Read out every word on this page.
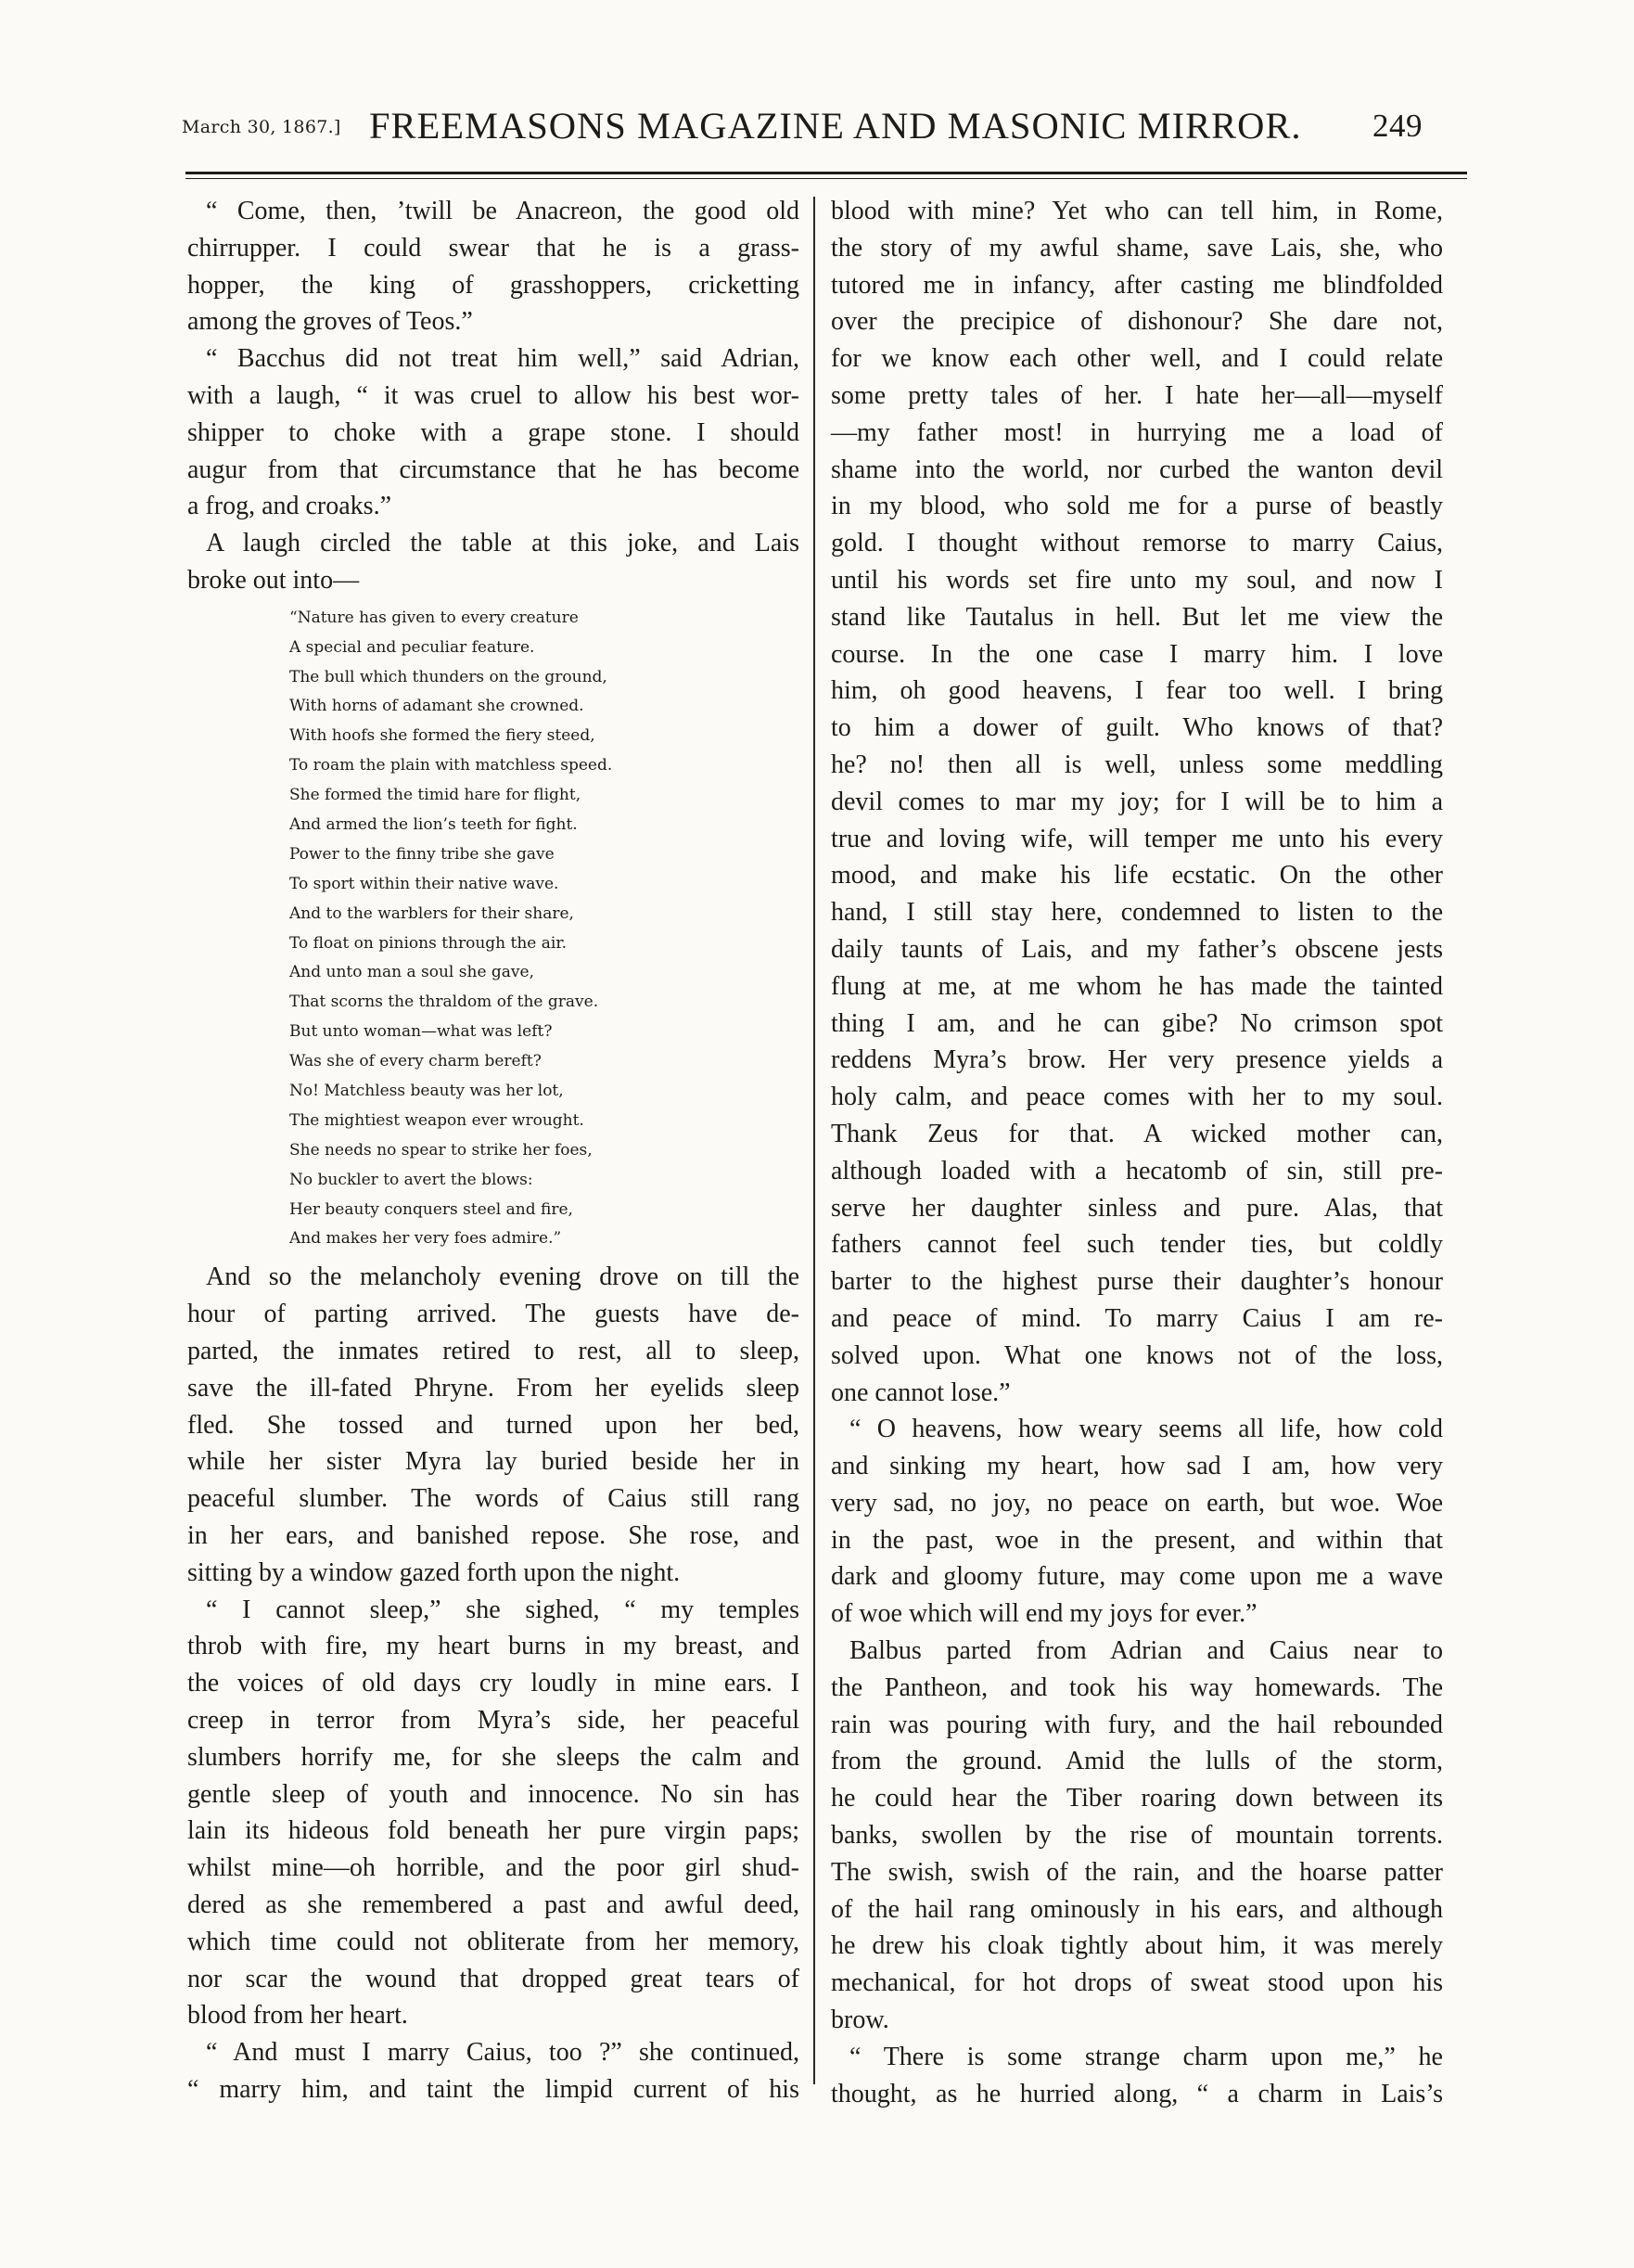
March 30, 1867.] FREEMASONS MAGAZINE AND MASONIC MIRROR. 249
“ Come, then, ’twill be Anacreon, the good old
chirrupper. I could swear that he is a grass-
hopper, the king of grasshoppers, cricketting
among the groves of Teos.”
“ Bacchus did not treat him well,” said Adrian,
with a laugh, “ it was cruel to allow his best wor-
shipper to choke with a grape stone. I should
augur from that circumstance that he has become
a frog, and croaks.”
A laugh circled the table at this joke, and Lais
broke out into—
“Nature has given to every creature
A special and peculiar feature.
The bull which thunders on the ground,
With horns of adamant she crowned.
With hoofs she formed the fiery steed,
To roam the plain with matchless speed.
She formed the timid hare for flight,
And armed the lion’s teeth for fight.
Power to the finny tribe she gave
To sport within their native wave.
And to the warblers for their share,
To float on pinions through the air.
And unto man a soul she gave,
That scorns the thraldom of the grave.
But unto woman—what was left?
Was she of every charm bereft?
No! Matchless beauty was her lot,
The mightiest weapon ever wrought.
She needs no spear to strike her foes,
No buckler to avert the blows:
Her beauty conquers steel and fire,
And makes her very foes admire.”
And so the melancholy evening drove on till the
hour of parting arrived. The guests have de-
parted, the inmates retired to rest, all to sleep,
save the ill-fated Phryne. From her eyelids sleep
fled. She tossed and turned upon her bed,
while her sister Myra lay buried beside her in
peaceful slumber. The words of Caius still rang
in her ears, and banished repose. She rose, and
sitting by a window gazed forth upon the night.
“ I cannot sleep,” she sighed, “ my temples
throb with fire, my heart burns in my breast, and
the voices of old days cry loudly in mine ears. I
creep in terror from Myra’s side, her peaceful
slumbers horrify me, for she sleeps the calm and
gentle sleep of youth and innocence. No sin has
lain its hideous fold beneath her pure virgin paps;
whilst mine—oh horrible, and the poor girl shud-
dered as she remembered a past and awful deed,
which time could not obliterate from her memory,
nor scar the wound that dropped great tears of
blood from her heart.
“ And must I marry Caius, too ?” she continued,
“ marry him, and taint the limpid current of his
blood with mine? Yet who can tell him, in Rome,
the story of my awful shame, save Lais, she, who
tutored me in infancy, after casting me blindfolded
over the precipice of dishonour? She dare not,
for we know each other well, and I could relate
some pretty tales of her. I hate her—all—myself
—my father most! in hurrying me a load of
shame into the world, nor curbed the wanton devil
in my blood, who sold me for a purse of beastly
gold. I thought without remorse to marry Caius,
until his words set fire unto my soul, and now I
stand like Tautalus in hell. But let me view the
course. In the one case I marry him. I love
him, oh good heavens, I fear too well. I bring
to him a dower of guilt. Who knows of that?
he? no! then all is well, unless some meddling
devil comes to mar my joy; for I will be to him a
true and loving wife, will temper me unto his every
mood, and make his life ecstatic. On the other
hand, I still stay here, condemned to listen to the
daily taunts of Lais, and my father’s obscene jests
flung at me, at me whom he has made the tainted
thing I am, and he can gibe? No crimson spot
reddens Myra’s brow. Her very presence yields a
holy calm, and peace comes with her to my soul.
Thank Zeus for that. A wicked mother can,
although loaded with a hecatomb of sin, still pre-
serve her daughter sinless and pure. Alas, that
fathers cannot feel such tender ties, but coldly
barter to the highest purse their daughter’s honour
and peace of mind. To marry Caius I am re-
solved upon. What one knows not of the loss,
one cannot lose.”
“ O heavens, how weary seems all life, how cold
and sinking my heart, how sad I am, how very
very sad, no joy, no peace on earth, but woe. Woe
in the past, woe in the present, and within that
dark and gloomy future, may come upon me a wave
of woe which will end my joys for ever.”
Balbus parted from Adrian and Caius near to
the Pantheon, and took his way homewards. The
rain was pouring with fury, and the hail rebounded
from the ground. Amid the lulls of the storm,
he could hear the Tiber roaring down between its
banks, swollen by the rise of mountain torrents.
The swish, swish of the rain, and the hoarse patter
of the hail rang ominously in his ears, and although
he drew his cloak tightly about him, it was merely
mechanical, for hot drops of sweat stood upon his
brow.
“ There is some strange charm upon me,” he
thought, as he hurried along, “ a charm in Lais’s
